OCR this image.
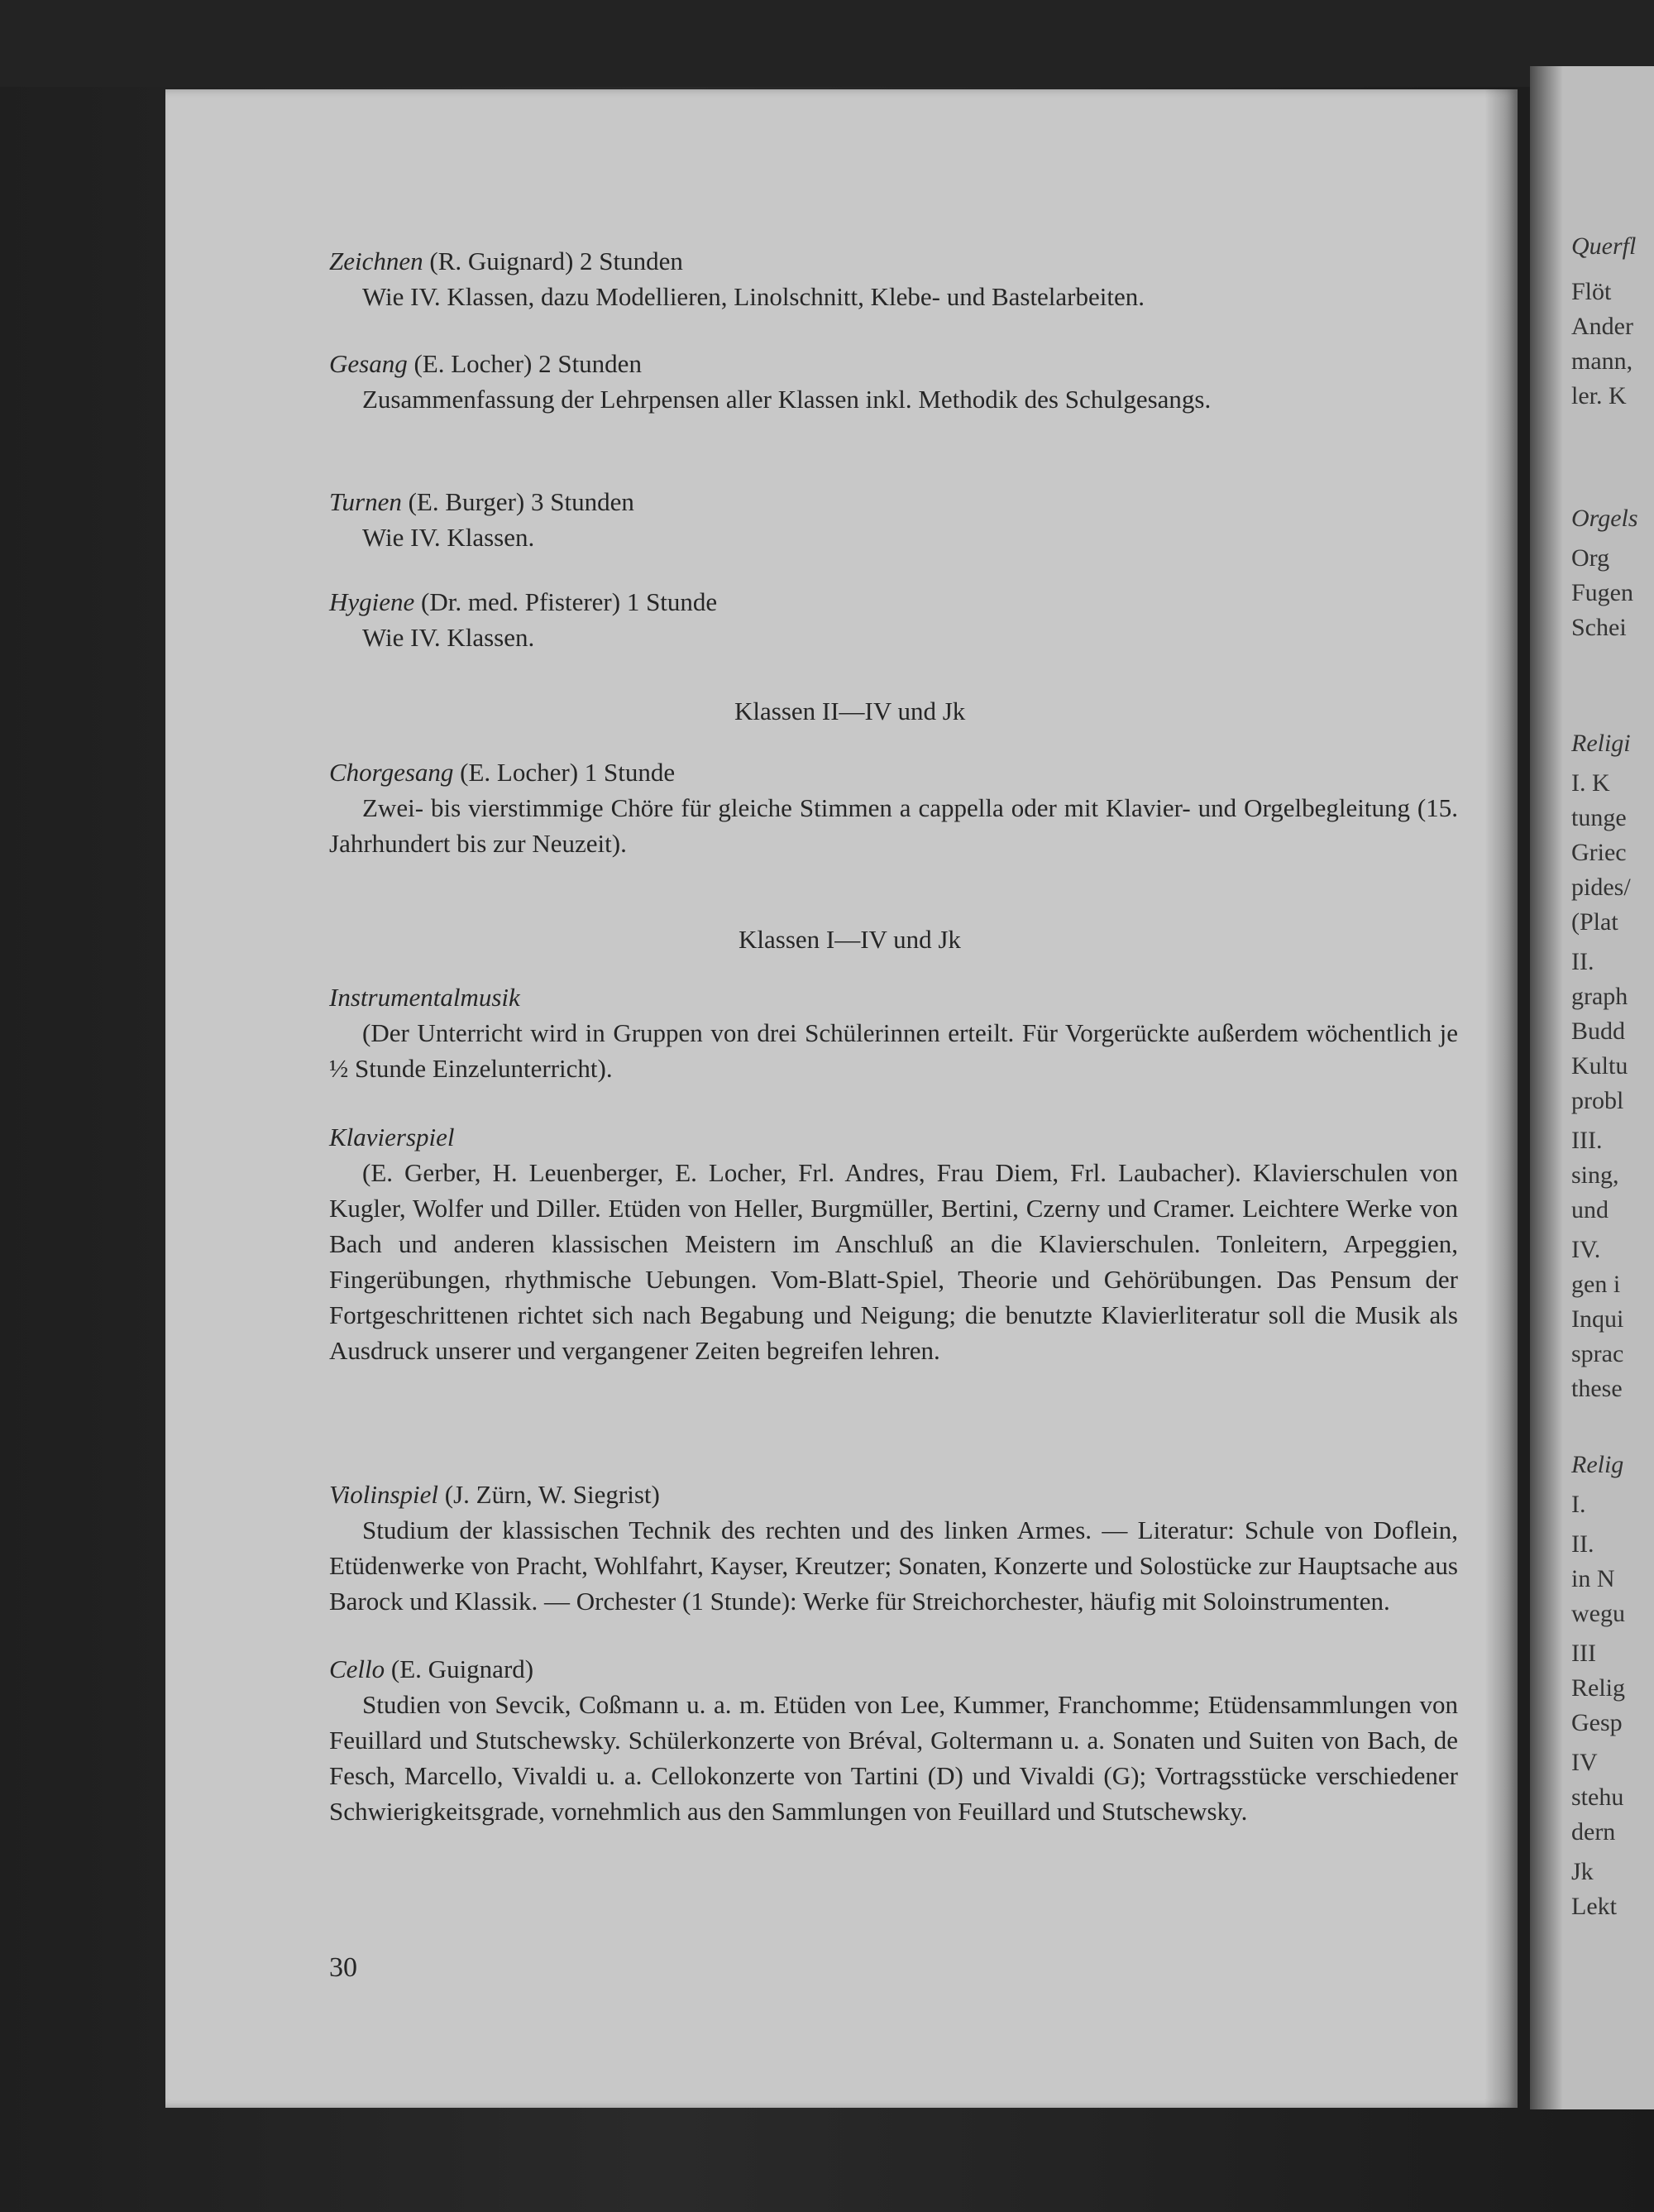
Querfl
Flöt
Ander
mann,
ler. K
Orgels
Org
Fugen
Schei
Religi
I. K
tunge
Griec
pides/
(Plat
II.
graph
Budd
Kultu
probl
III.
sing,
und
IV.
gen i
Inqui
sprac
these
Relig
I.
II.
in N
wegu
III
Relig
Gesp
IV
stehu
dern
Jk
Lekt
Zeichnen (R. Guignard) 2 Stunden

Wie IV. Klassen, dazu Modellieren, Linolschnitt, Klebe- und Bastelarbeiten.

Gesang (E. Locher) 2 Stunden

Zusammenfassung der Lehrpensen aller Klassen inkl. Methodik des Schulgesangs.

Turnen (E. Burger) 3 Stunden

Wie IV. Klassen.

Hygiene (Dr. med. Pfisterer) 1 Stunde

Wie IV. Klassen.

Klassen II—IV und Jk
Chorgesang (E. Locher) 1 Stunde

Zwei- bis vierstimmige Chöre für gleiche Stimmen a cappella oder mit Klavier- und Orgelbegleitung (15. Jahrhundert bis zur Neuzeit).

Klassen I—IV und Jk
Instrumentalmusik

(Der Unterricht wird in Gruppen von drei Schülerinnen erteilt. Für Vorgerückte außerdem wöchentlich je ½ Stunde Einzelunterricht).

Klavierspiel

(E. Gerber, H. Leuenberger, E. Locher, Frl. Andres, Frau Diem, Frl. Laubacher). Klavierschulen von Kugler, Wolfer und Diller. Etüden von Heller, Burgmüller, Bertini, Czerny und Cramer. Leichtere Werke von Bach und anderen klassischen Meistern im Anschluß an die Klavierschulen. Tonleitern, Arpeggien, Fingerübungen, rhythmische Uebungen. Vom-Blatt-Spiel, Theorie und Gehörübungen. Das Pensum der Fortgeschrittenen richtet sich nach Begabung und Neigung; die benutzte Klavierliteratur soll die Musik als Ausdruck unserer und vergangener Zeiten begreifen lehren.

Violinspiel (J. Zürn, W. Siegrist)

Studium der klassischen Technik des rechten und des linken Armes. — Literatur: Schule von Doflein, Etüdenwerke von Pracht, Wohlfahrt, Kayser, Kreutzer; Sonaten, Konzerte und Solostücke zur Hauptsache aus Barock und Klassik. — Orchester (1 Stunde): Werke für Streichorchester, häufig mit Soloinstrumenten.

Cello (E. Guignard)

Studien von Sevcik, Coßmann u. a. m. Etüden von Lee, Kummer, Franchomme; Etüdensammlungen von Feuillard und Stutschewsky. Schülerkonzerte von Bréval, Goltermann u. a. Sonaten und Suiten von Bach, de Fesch, Marcello, Vivaldi u. a. Cellokonzerte von Tartini (D) und Vivaldi (G); Vortragsstücke verschiedener Schwierigkeitsgrade, vornehmlich aus den Sammlungen von Feuillard und Stutschewsky.

30
